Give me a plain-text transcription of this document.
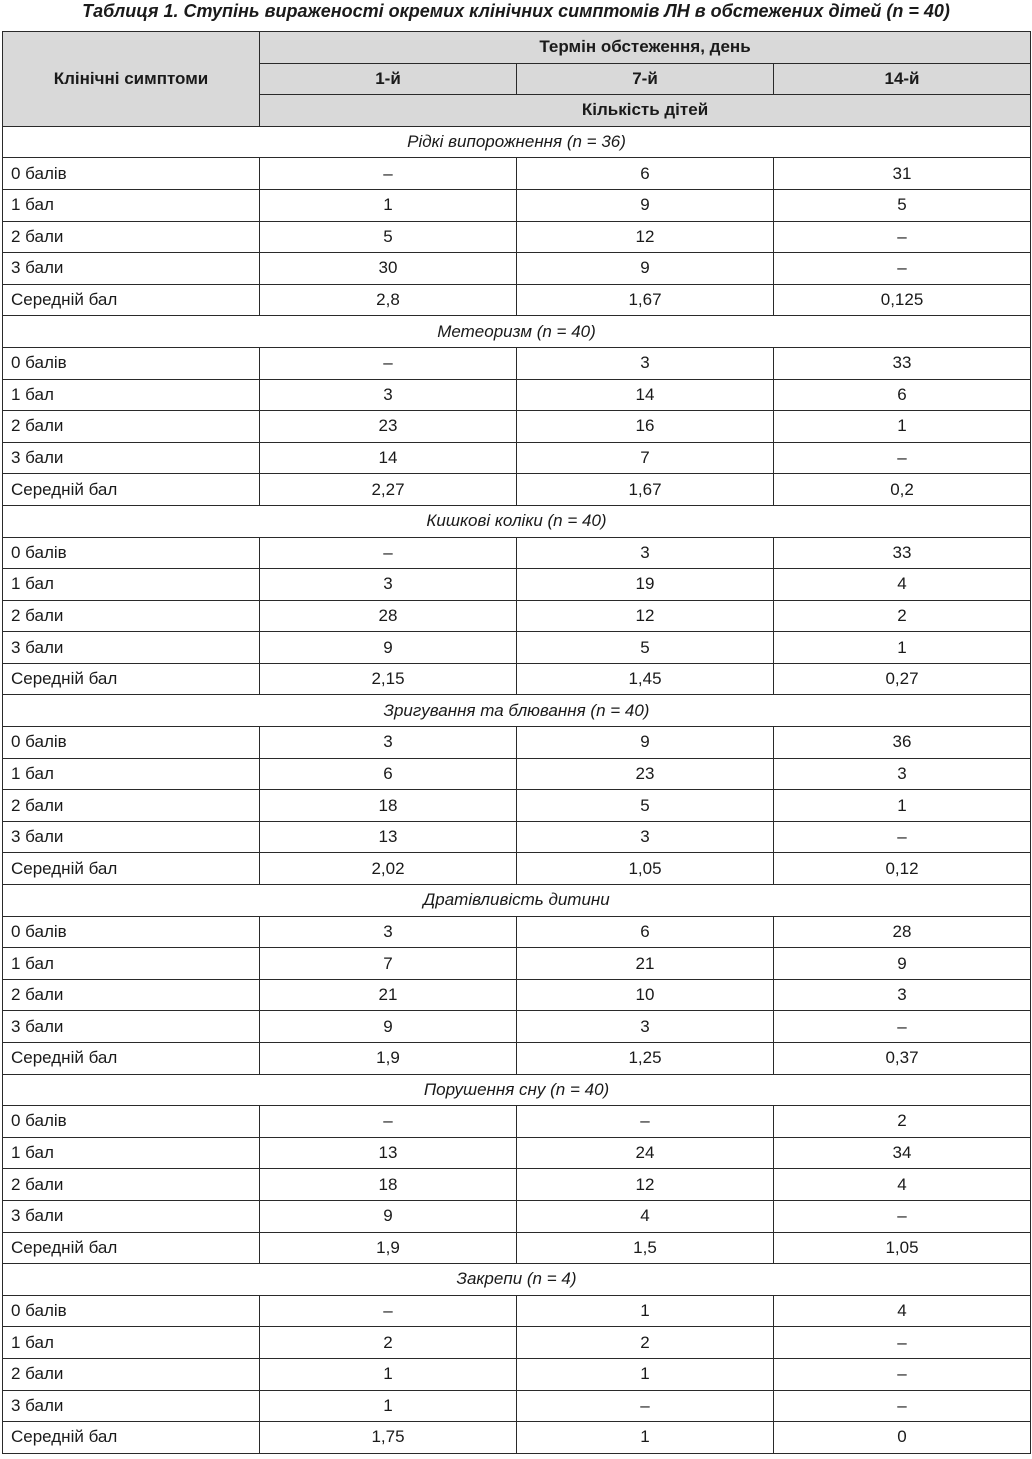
Таблиця 1. Ступінь вираженості окремих клінічних симптомів ЛН в обстежених дітей (n = 40)
Клінічні симптоми	Термін обстеження, день		
	1-й	7-й	14-й
	Кількість дітей		
Рідкі випорожнення (n = 36)			
0 балів	–	6	31
1 бал	1	9	5
2 бали	5	12	–
3 бали	30	9	–
Середній бал	2,8	1,67	0,125
Метеоризм (n = 40)			
0 балів	–	3	33
1 бал	3	14	6
2 бали	23	16	1
3 бали	14	7	–
Середній бал	2,27	1,67	0,2
Кишкові коліки (n = 40)			
0 балів	–	3	33
1 бал	3	19	4
2 бали	28	12	2
3 бали	9	5	1
Середній бал	2,15	1,45	0,27
Зригування та блювання (n = 40)			
0 балів	3	9	36
1 бал	6	23	3
2 бали	18	5	1
3 бали	13	3	–
Середній бал	2,02	1,05	0,12
Дратівливість дитини			
0 балів	3	6	28
1 бал	7	21	9
2 бали	21	10	3
3 бали	9	3	–
Середній бал	1,9	1,25	0,37
Порушення сну (n = 40)			
0 балів	–	–	2
1 бал	13	24	34
2 бали	18	12	4
3 бали	9	4	–
Середній бал	1,9	1,5	1,05
Закрепи (n = 4)			
0 балів	–	1	4
1 бал	2	2	–
2 бали	1	1	–
3 бали	1	–	–
Середній бал	1,75	1	0
